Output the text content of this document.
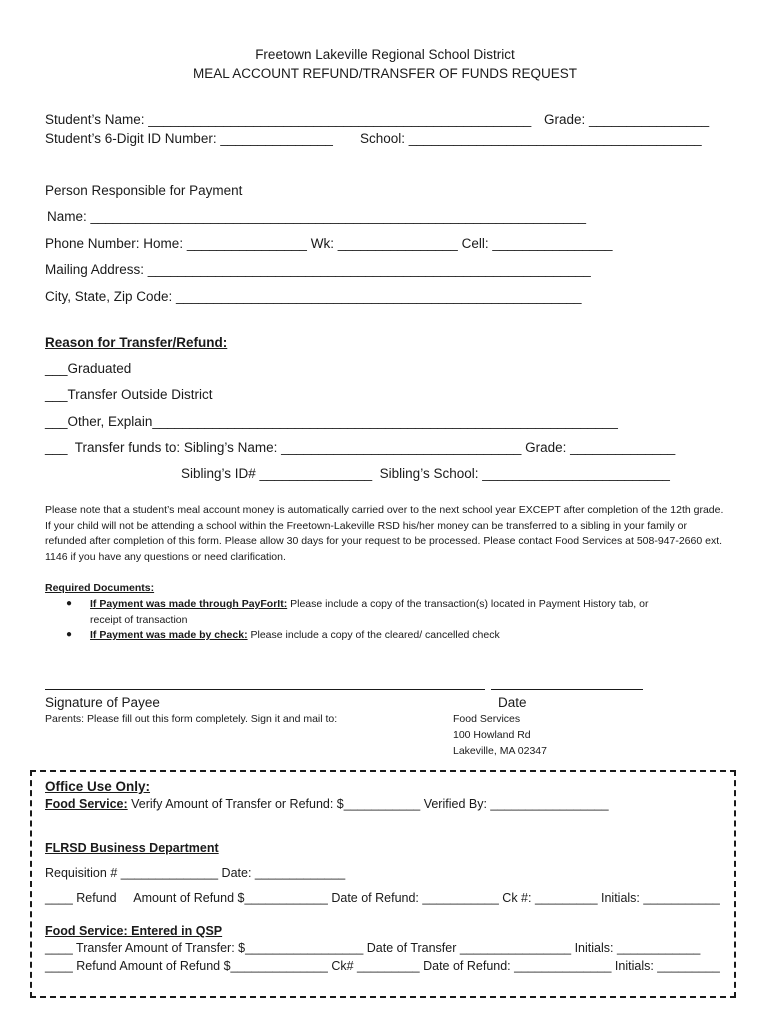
Freetown Lakeville Regional School District
MEAL ACCOUNT REFUND/TRANSFER OF FUNDS REQUEST
Student’s Name: ___________________________________________________ Grade: ________________
Student’s 6-Digit ID Number: _______________ School: _______________________________________
Person Responsible for Payment
Name: __________________________________________________________________
Phone Number: Home: ________________ Wk: ________________ Cell: ________________
Mailing Address: ___________________________________________________________
City, State, Zip Code: ______________________________________________________
Reason for Transfer/Refund:
___Graduated
___Transfer Outside District
___Other, Explain______________________________________________________________
___  Transfer funds to: Sibling’s Name: ________________________________ Grade: ______________
Sibling’s ID# _______________  Sibling’s School: _________________________
Please note that a student’s meal account money is automatically carried over to the next school year EXCEPT after completion of the 12th grade. If your child will not be attending a school within the Freetown-Lakeville RSD his/her money can be transferred to a sibling in your family or refunded after completion of this form. Please allow 30 days for your request to be processed. Please contact Food Services at 508-947-2660 ext. 1146 if you have any questions or need clarification.
Required Documents:
● If Payment was made through PayForIt: Please include a copy of the transaction(s) located in Payment History tab, or
receipt of transaction
● If Payment was made by check: Please include a copy of the cleared/ cancelled check
Signature of Payee	Date
Parents: Please fill out this form completely. Sign it and mail to:	Food Services
100 Howland Rd
Lakeville, MA 02347
Office Use Only:
Food Service: Verify Amount of Transfer or Refund: $___________ Verified By: _________________
FLRSD Business Department
Requisition # ______________ Date: _____________
____ Refund     Amount of Refund $____________ Date of Refund: ___________ Ck #: _________ Initials: ___________
Food Service: Entered in QSP
____ Transfer Amount of Transfer: $_________________ Date of Transfer ________________ Initials: ____________
____ Refund Amount of Refund $______________ Ck# _________ Date of Refund: ______________ Initials: _________
